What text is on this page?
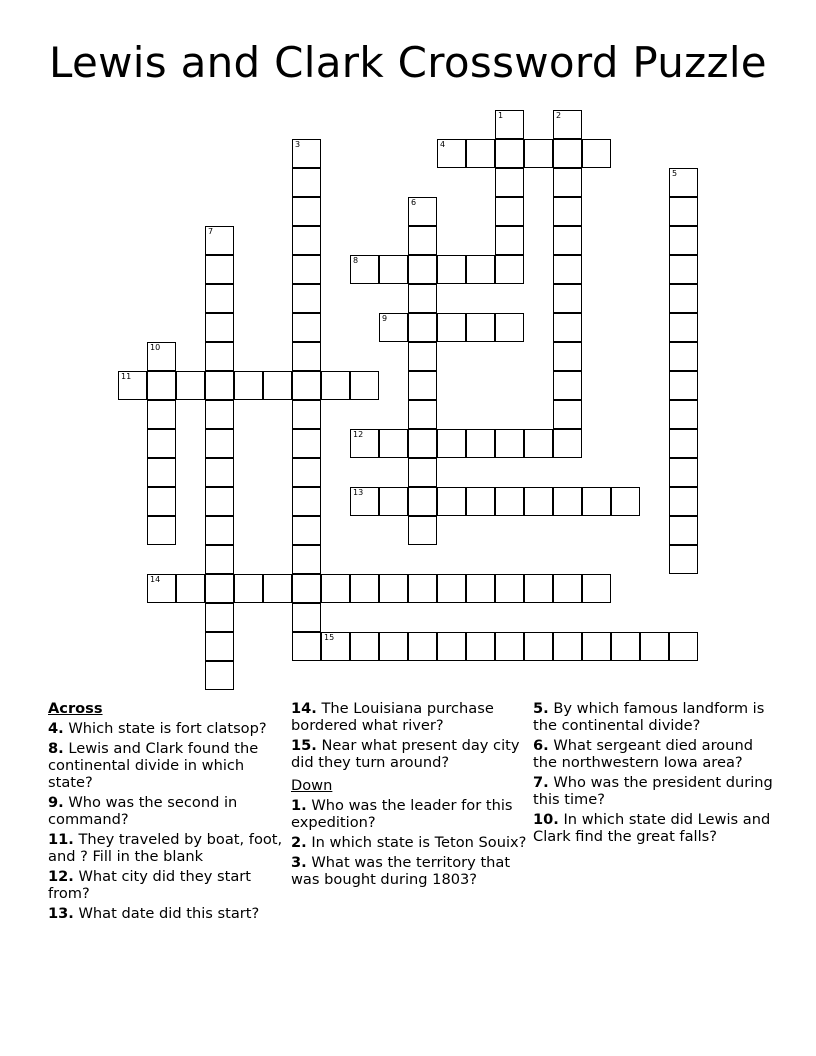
Lewis and Clark Crossword Puzzle
1	2
3	4
5
6
7
8
9
10
11
12
13
14
15

Across

4. Which state is fort clatsop?

8. Lewis and Clark found the continental divide in which state?

9. Who was the second in command?

11. They traveled by boat, foot, and ? Fill in the blank

12. What city did they start from?

13. What date did this start?

14. The Louisiana purchase bordered what river?

15. Near what present day city did they turn around?

Down

1. Who was the leader for this expedition?

2. In which state is Teton Souix?

3. What was the territory that was bought during 1803?

5. By which famous landform is the continental divide?

6. What sergeant died around the northwestern Iowa area?

7. Who was the president during this time?

10. In which state did Lewis and Clark find the great falls?
